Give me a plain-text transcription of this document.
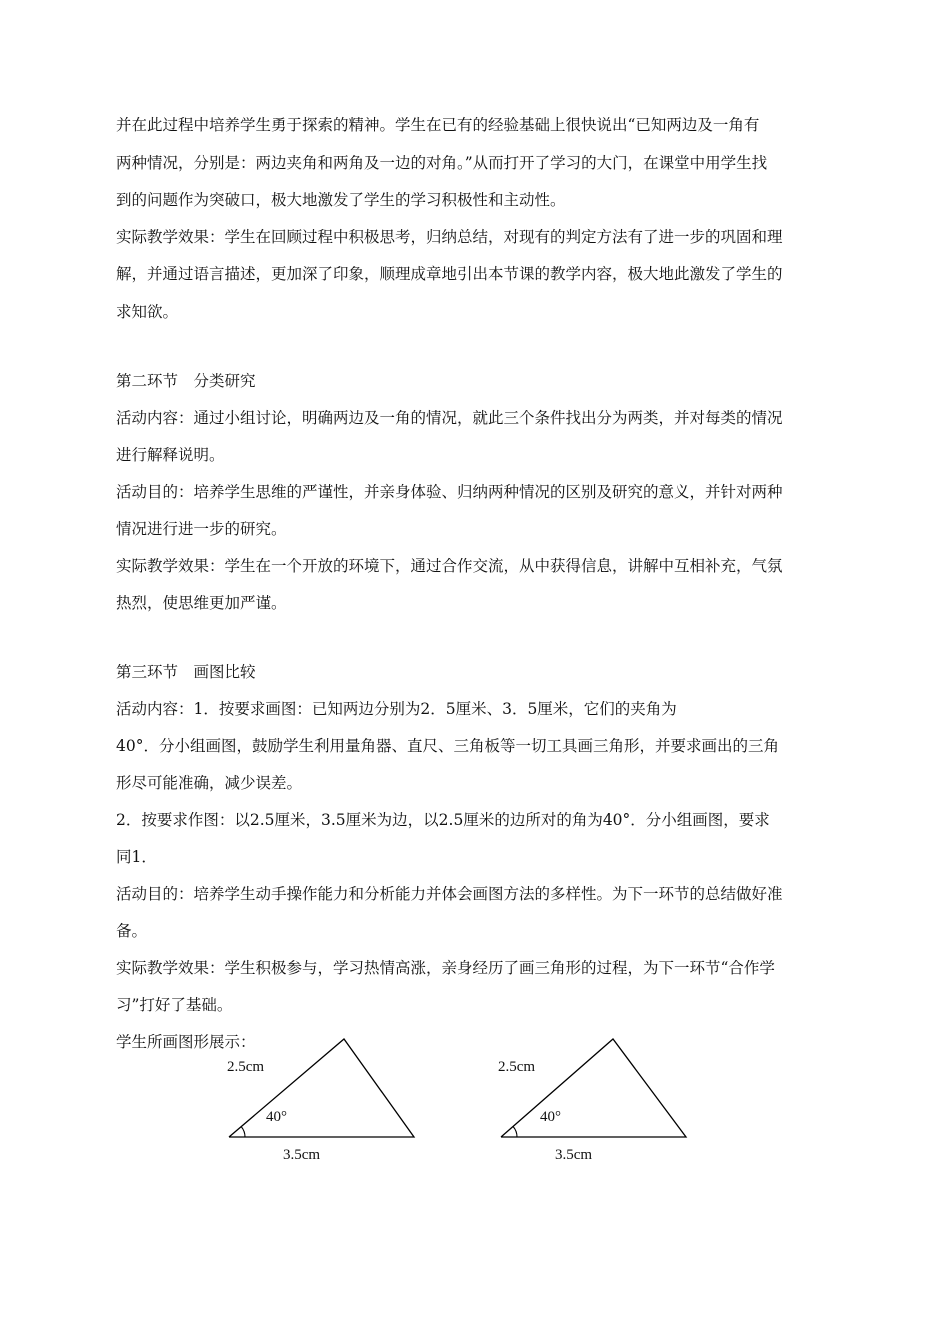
并在此过程中培养学生勇于探索的精神。学生在已有的经验基础上很快说出“已知两边及一角有
两种情况，分别是：两边夹角和两角及一边的对角。”从而打开了学习的大门，在课堂中用学生找
到的问题作为突破口，极大地激发了学生的学习积极性和主动性。
实际教学效果：学生在回顾过程中积极思考，归纳总结，对现有的判定方法有了进一步的巩固和理
解，并通过语言描述，更加深了印象，顺理成章地引出本节课的教学内容，极大地此激发了学生的
求知欲。
第二环节　分类研究
活动内容：通过小组讨论，明确两边及一角的情况，就此三个条件找出分为两类，并对每类的情况
进行解释说明。
活动目的：培养学生思维的严谨性，并亲身体验、归纳两种情况的区别及研究的意义，并针对两种
情况进行进一步的研究。
实际教学效果：学生在一个开放的环境下，通过合作交流，从中获得信息，讲解中互相补充，气氛
热烈，使思维更加严谨。
第三环节　画图比较
活动内容：1．按要求画图：已知两边分别为2．5厘米、3．5厘米，它们的夹角为
40°．分小组画图，鼓励学生利用量角器、直尺、三角板等一切工具画三角形，并要求画出的三角
形尽可能准确，减少误差。
2．按要求作图：以2.5厘米，3.5厘米为边，以2.5厘米的边所对的角为40°．分小组画图，要求
同1．
活动目的：培养学生动手操作能力和分析能力并体会画图方法的多样性。为下一环节的总结做好准
备。
实际教学效果：学生积极参与，学习热情高涨，亲身经历了画三角形的过程，为下一环节“合作学
习”打好了基础。
学生所画图形展示：
2.5cm
40°
3.5cm
2.5cm
40°
3.5cm
